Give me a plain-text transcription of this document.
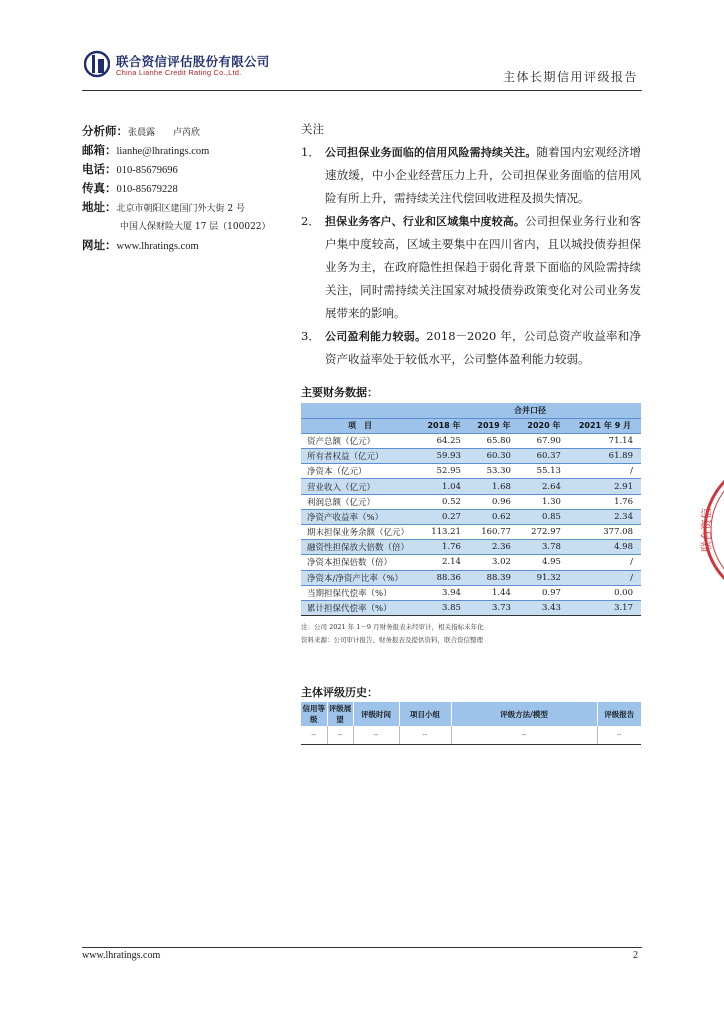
联合资信评估股份有限公司
China Lianhe Credit Rating Co.,Ltd.	主体长期信用评级报告
分析师：张晨露　　卢芮欣
邮箱：lianhe@lhratings.com
电话：010-85679696
传真：010-85679228
地址：北京市朝阳区建国门外大街 2 号
中国人保财险大厦 17 层（100022）
网址：www.lhratings.com
关注
1． 公司担保业务面临的信用风险需持续关注。随着国内宏观经济增速放缓，中小企业经营压力上升，公司担保业务面临的信用风险有所上升，需持续关注代偿回收进程及损失情况。
2． 担保业务客户、行业和区域集中度较高。公司担保业务行业和客户集中度较高，区域主要集中在四川省内，且以城投债券担保业务为主，在政府隐性担保趋于弱化背景下面临的风险需持续关注，同时需持续关注国家对城投债券政策变化对公司业务发展带来的影响。
3． 公司盈利能力较弱。2018－2020 年，公司总资产收益率和净资产收益率处于较低水平，公司整体盈利能力较弱。
主要财务数据：
	合并口径			
项　目	2018 年	2019 年	2020 年	2021 年 9 月
资产总额（亿元）	64.25	65.80	67.90	71.14
所有者权益（亿元）	59.93	60.30	60.37	61.89
净资本（亿元）	52.95	53.30	55.13	/
营业收入（亿元）	1.04	1.68	2.64	2.91
利润总额（亿元）	0.52	0.96	1.30	1.76
净资产收益率（%）	0.27	0.62	0.85	2.34
期末担保业务余额（亿元）	113.21	160.77	272.97	377.08
融资性担保放大倍数（倍）	1.76	2.36	3.78	4.98
净资本担保倍数（倍）	2.14	3.02	4.95	/
净资本/净资产比率（%）	88.36	88.39	91.32	/
当期担保代偿率（%）	3.94	1.44	0.97	0.00
累计担保代偿率（%）	3.85	3.73	3.43	3.17
注：公司 2021 年 1－9 月财务报表未经审计，相关指标未年化
资料来源：公司审计报告、财务报表及提供资料，联合资信整理
主体评级历史：
信用等级	评级展望	评级时间	项目小组	评级方法/模型	评级报告
--	--	--	--	--	--
联合资信
www.lhratings.com	2
